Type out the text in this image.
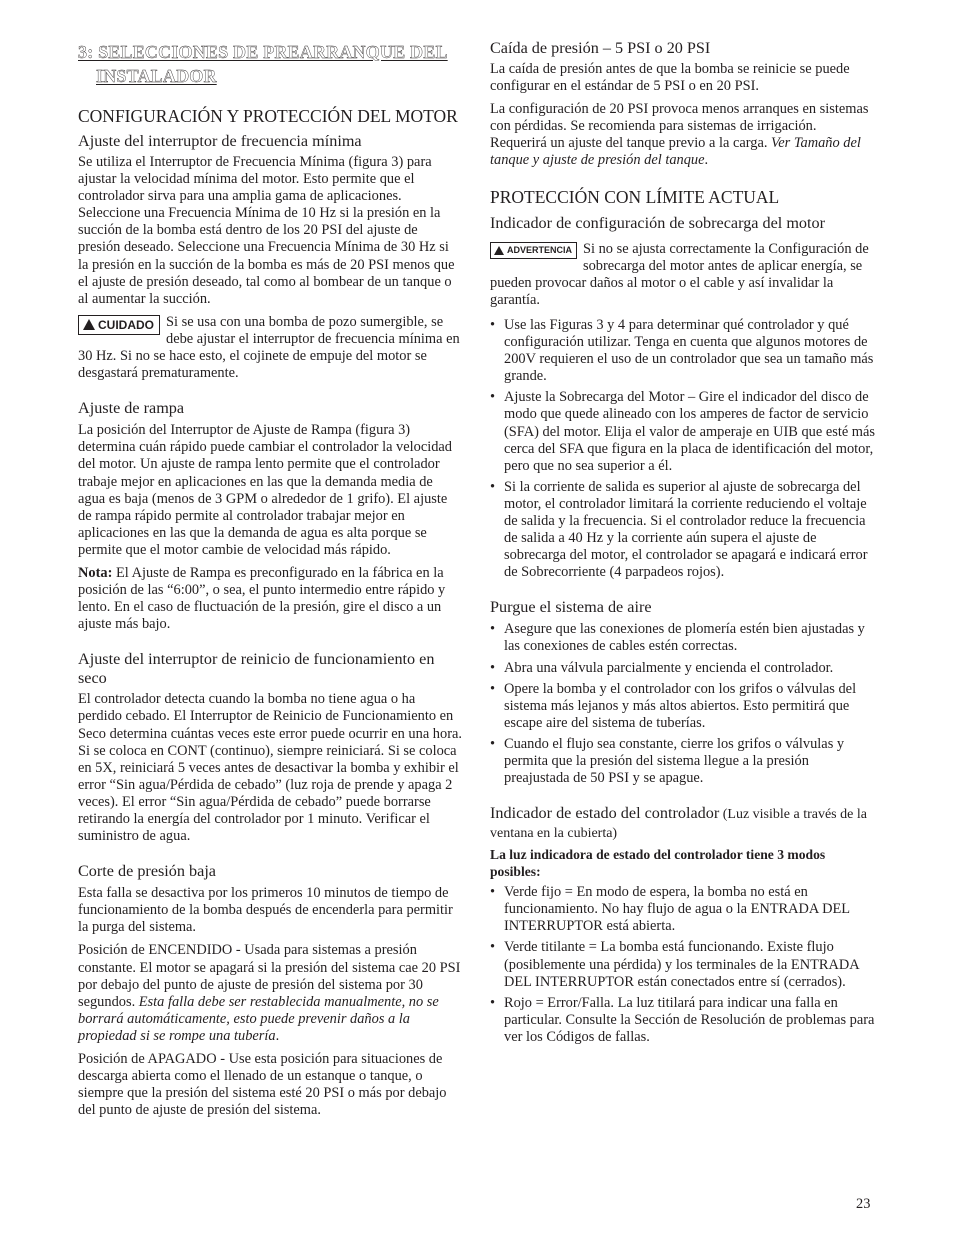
3: SELECCIONES DE PREARRANQUE DEL
INSTALADOR
CONFIGURACIÓN Y PROTECCIÓN DEL MOTOR
Ajuste del interruptor de frecuencia mínima

Se utiliza el Interruptor de Frecuencia Mínima (figura 3) para ajustar la velocidad mínima del motor. Esto permite que el controlador sirva para una amplia gama de aplicaciones. Seleccione una Frecuencia Mínima de 10 Hz si la presión en la succión de la bomba está dentro de los 20 PSI del ajuste de presión deseado. Seleccione una Frecuencia Mínima de 30 Hz si la presión en la succión de la bomba es más de 20 PSI menos que el ajuste de presión deseado, tal como al bombear de un tanque o al aumentar la succión.

CUIDADO Si se usa con una bomba de pozo sumergible, se debe ajustar el interruptor de frecuencia mínima en 30 Hz. Si no se hace esto, el cojinete de empuje del motor se desgastará prematuramente.

Ajuste de rampa

La posición del Interruptor de Ajuste de Rampa (figura 3) determina cuán rápido puede cambiar el controlador la velocidad del motor. Un ajuste de rampa lento permite que el controlador trabaje mejor en aplicaciones en las que la demanda media de agua es baja (menos de 3 GPM o alrededor de 1 grifo). El ajuste de rampa rápido permite al controlador trabajar mejor en aplicaciones en las que la demanda de agua es alta porque se permite que el motor cambie de velocidad más rápido.

Nota: El Ajuste de Rampa es preconfigurado en la fábrica en la posición de las “6:00”, o sea, el punto intermedio entre rápido y lento. En el caso de fluctuación de la presión, gire el disco a un ajuste más bajo.

Ajuste del interruptor de reinicio de funcionamiento en seco

El controlador detecta cuando la bomba no tiene agua o ha perdido cebado. El Interruptor de Reinicio de Funcionamiento en Seco determina cuántas veces este error puede ocurrir en una hora. Si se coloca en CONT (continuo), siempre reiniciará. Si se coloca en 5X, reiniciará 5 veces antes de desactivar la bomba y exhibir el error “Sin agua/Pérdida de cebado” (luz roja de prende y apaga 2 veces). El error “Sin agua/Pérdida de cebado” puede borrarse retirando la energía del controlador por 1 minuto. Verificar el suministro de agua.

Corte de presión baja

Esta falla se desactiva por los primeros 10 minutos de tiempo de funcionamiento de la bomba después de encenderla para permitir la purga del sistema.

Posición de ENCENDIDO - Usada para sistemas a presión constante. El motor se apagará si la presión del sistema cae 20 PSI por debajo del punto de ajuste de presión del sistema por 30 segundos. Esta falla debe ser restablecida manualmente, no se borrará automáticamente, esto puede prevenir daños a la propiedad si se rompe una tubería.

Posición de APAGADO - Use esta posición para situaciones de descarga abierta como el llenado de un estanque o tanque, o siempre que la presión del sistema esté 20 PSI o más por debajo del punto de ajuste de presión del sistema.

Caída de presión – 5 PSI o 20 PSI

La caída de presión antes de que la bomba se reinicie se puede configurar en el estándar de 5 PSI o en 20 PSI.

La configuración de 20 PSI provoca menos arranques en sistemas con pérdidas. Se recomienda para sistemas de irrigación. Requerirá un ajuste del tanque previo a la carga. Ver Tamaño del tanque y ajuste de presión del tanque.

PROTECCIÓN CON LÍMITE ACTUAL
Indicador de configuración de sobrecarga del motor

ADVERTENCIA Si no se ajusta correctamente la Configuración de sobrecarga del motor antes de aplicar energía, se pueden provocar daños al motor o el cable y así invalidar la garantía.

• Use las Figuras 3 y 4 para determinar qué controlador y qué configuración utilizar. Tenga en cuenta que algunos motores de 200V requieren el uso de un controlador que sea un tamaño más grande.
• Ajuste la Sobrecarga del Motor – Gire el indicador del disco de modo que quede alineado con los amperes de factor de servicio (SFA) del motor. Elija el valor de amperaje en UIB que esté más cerca del SFA que figura en la placa de identificación del motor, pero que no sea superior a él.
• Si la corriente de salida es superior al ajuste de sobrecarga del motor, el controlador limitará la corriente reduciendo el voltaje de salida y la frecuencia. Si el controlador reduce la frecuencia de salida a 40 Hz y la corriente aún supera el ajuste de sobrecarga del motor, el controlador se apagará e indicará error de Sobrecorriente (4 parpadeos rojos).
Purgue el sistema de aire
• Asegure que las conexiones de plomería estén bien ajustadas y las conexiones de cables estén correctas.
• Abra una válvula parcialmente y encienda el controlador.
• Opere la bomba y el controlador con los grifos o válvulas del sistema más lejanos y más altos abiertos. Esto permitirá que escape aire del sistema de tuberías.
• Cuando el flujo sea constante, cierre los grifos o válvulas y permita que la presión del sistema llegue a la presión preajustada de 50 PSI y se apague.

Indicador de estado del controlador (Luz visible a través de la ventana en la cubierta)

La luz indicadora de estado del controlador tiene 3 modos posibles:

• Verde fijo = En modo de espera, la bomba no está en funcionamiento. No hay flujo de agua o la ENTRADA DEL INTERRUPTOR está abierta.
• Verde titilante = La bomba está funcionando. Existe flujo (posiblemente una pérdida) y los terminales de la ENTRADA DEL INTERRUPTOR están conectados entre sí (cerrados).
• Rojo = Error/Falla. La luz titilará para indicar una falla en particular. Consulte la Sección de Resolución de problemas para ver los Códigos de fallas.
23
